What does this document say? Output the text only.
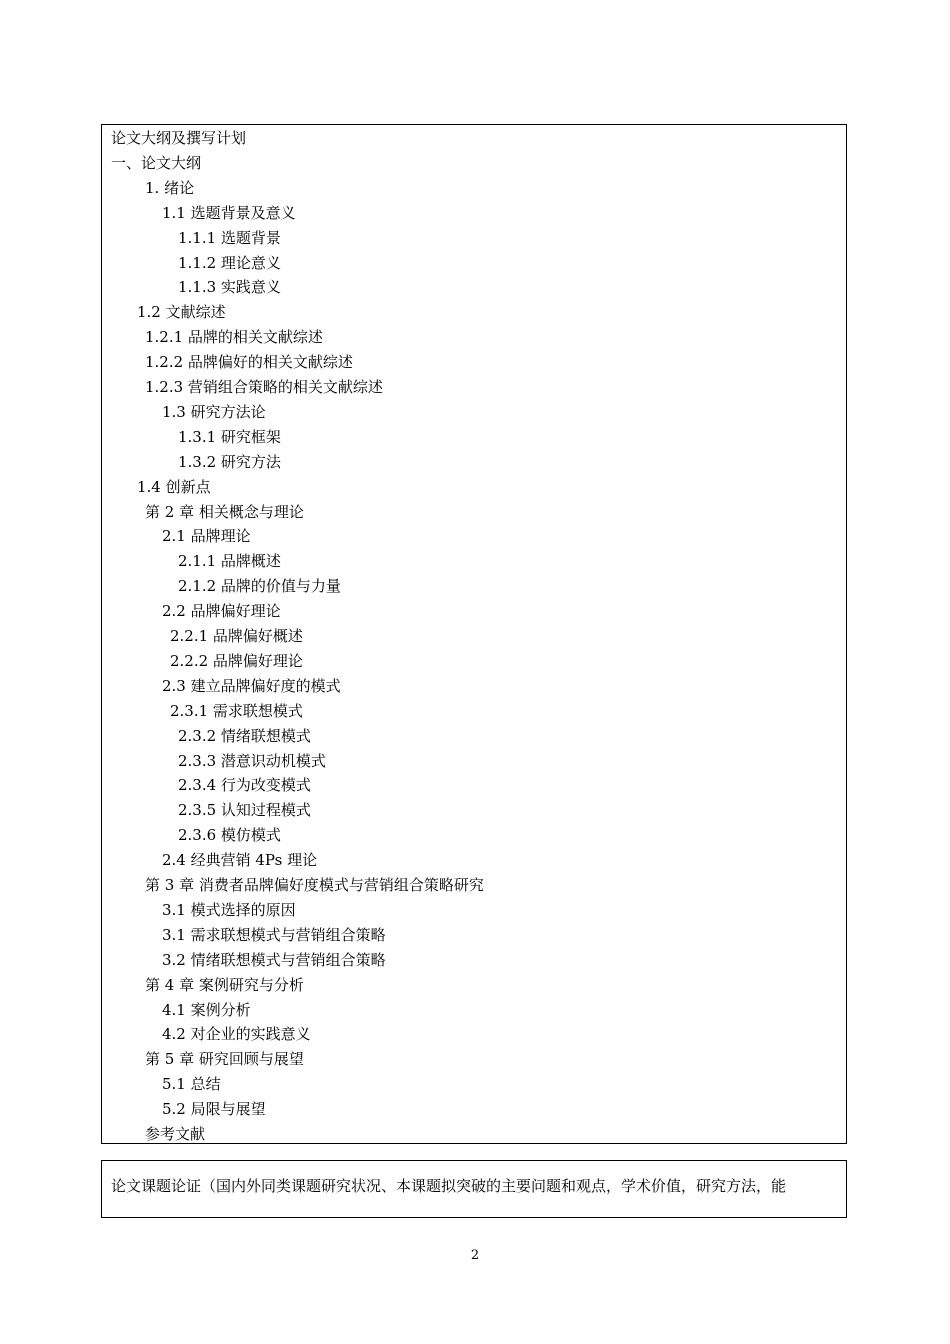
论文大纲及撰写计划
一、论文大纲
1. 绪论
1.1 选题背景及意义
1.1.1 选题背景
1.1.2 理论意义
1.1.3 实践意义
1.2 文献综述
1.2.1 品牌的相关文献综述
1.2.2 品牌偏好的相关文献综述
1.2.3 营销组合策略的相关文献综述
1.3 研究方法论
1.3.1 研究框架
1.3.2 研究方法
1.4 创新点
第 2 章 相关概念与理论
2.1 品牌理论
2.1.1 品牌概述
2.1.2 品牌的价值与力量
2.2 品牌偏好理论
2.2.1 品牌偏好概述
2.2.2 品牌偏好理论
2.3 建立品牌偏好度的模式
2.3.1 需求联想模式
2.3.2 情绪联想模式
2.3.3 潜意识动机模式
2.3.4 行为改变模式
2.3.5 认知过程模式
2.3.6 模仿模式
2.4 经典营销 4Ps 理论
第 3 章 消费者品牌偏好度模式与营销组合策略研究
3.1 模式选择的原因
3.1 需求联想模式与营销组合策略
3.2 情绪联想模式与营销组合策略
第 4 章 案例研究与分析
4.1 案例分析
4.2 对企业的实践意义
第 5 章 研究回顾与展望
5.1 总结
5.2 局限与展望
参考文献
论文课题论证（国内外同类课题研究状况、本课题拟突破的主要问题和观点，学术价值，研究方法，能
2
